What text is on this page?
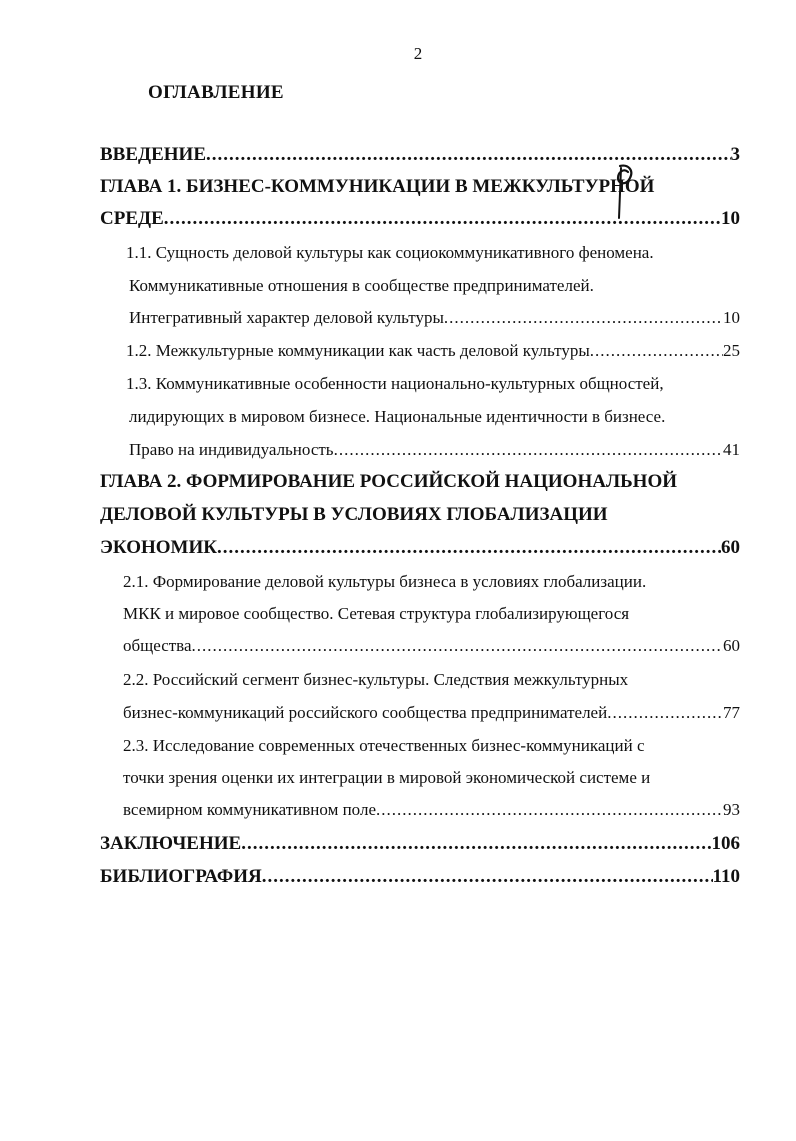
2
ОГЛАВЛЕНИЕ
ВВЕДЕНИЕ .....	3
ГЛАВА 1. БИЗНЕС-КОММУНИКАЦИИ В МЕЖКУЛЬТУРНОЙ
СРЕДЕ .....	10
1.1. Сущность деловой культуры как социокоммуникативного феномена.
Коммуникативные отношения в сообществе предпринимателей.
Интегративный характер деловой культуры .....	10
1.2. Межкультурные коммуникации как часть деловой культуры .....	25
1.3. Коммуникативные особенности национально-культурных общностей,
лидирующих в мировом бизнесе. Национальные идентичности в бизнесе.
Право на индивидуальность .....	41
ГЛАВА 2. ФОРМИРОВАНИЕ РОССИЙСКОЙ НАЦИОНАЛЬНОЙ
ДЕЛОВОЙ КУЛЬТУРЫ В УСЛОВИЯХ ГЛОБАЛИЗАЦИИ
ЭКОНОМИК .....	60
2.1. Формирование деловой культуры бизнеса в условиях глобализации.
МКК и мировое сообщество. Сетевая структура глобализирующегося
общества .....	60
2.2. Российский сегмент бизнес-культуры. Следствия межкультурных
бизнес-коммуникаций российского сообщества предпринимателей .....	77
2.3. Исследование современных отечественных бизнес-коммуникаций с
точки зрения оценки их интеграции в мировой экономической системе и
всемирном коммуникативном поле .....	93
ЗАКЛЮЧЕНИЕ .....	106
БИБЛИОГРАФИЯ .....	110
